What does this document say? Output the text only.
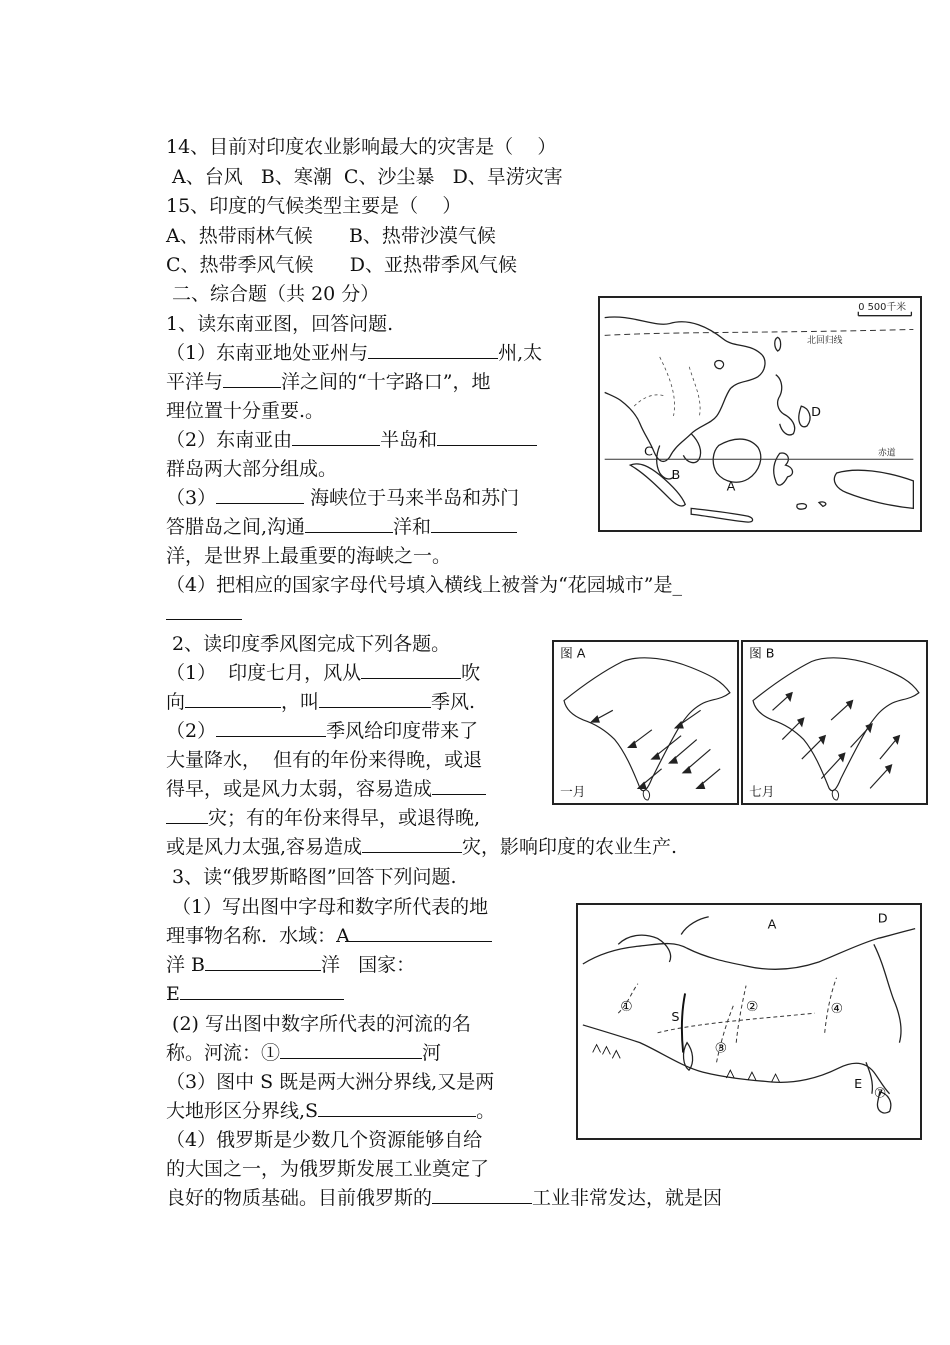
14、目前对印度农业影响最大的灾害是（    ）
A、台风   B、寒潮  C、沙尘暴   D、旱涝灾害
15、印度的气候类型主要是（    ）
A、热带雨林气候      B、热带沙漠气候
C、热带季风气候      D、亚热带季风气候
二、综合题（共 20 分）
1、读东南亚图，回答问题.
（1）东南亚地处亚州与	州,太
平洋与	洋之间的“十字路口”，地
理位置十分重要.。
（2）东南亚由	半岛和
群岛两大部分组成。
（3）	海峡位于马来半岛和苏门
答腊岛之间,沟通	洋和
洋，是世界上最重要的海峡之一。
（4）把相应的国家字母代号填入横线上被誉为“花园城市”是_
2、读印度季风图完成下列各题。
（1）  印度七月，风从	吹
向	，叫	季风.
（2）	季风给印度带来了
大量降水，  但有的年份来得晚，或退
得早，或是风力太弱，容易造成
灾；有的年份来得早，或退得晚,
或是风力太强,容易造成	灾，影响印度的农业生产.
3、读“俄罗斯略图”回答下列问题.
（1）写出图中字母和数字所代表的地
理事物名称.  水域：A
洋 B	洋   国家：
E
(2) 写出图中数字所代表的河流的名
称。河流：①	河
（3）图中 S 既是两大洲分界线,又是两
大地形区分界线,S	。
（4）俄罗斯是少数几个资源能够自给
的大国之一，为俄罗斯发展工业奠定了
良好的物质基础。目前俄罗斯的	工业非常发达，就是因
0 500千米
北回归线
赤道
A
B
C
D
图 A
一月
图 B
七月
A	D
E
S
①	②
③
④
⑦
